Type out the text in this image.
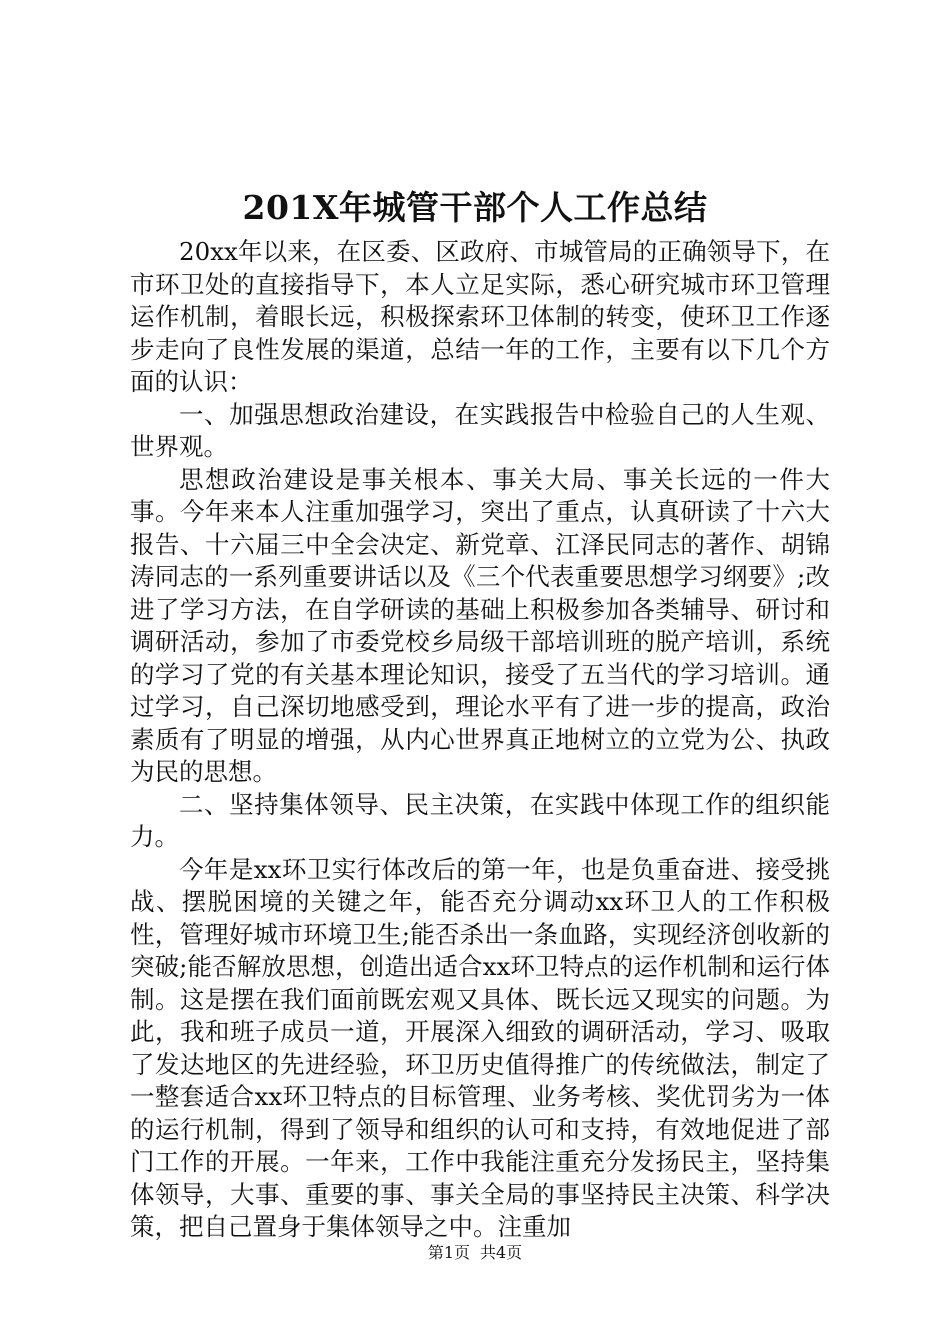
201X年城管干部个人工作总结

20xx年以来，在区委、区政府、市城管局的正确领导下，在市环卫处的直接指导下，本人立足实际，悉心研究城市环卫管理运作机制，着眼长远，积极探索环卫体制的转变，使环卫工作逐步走向了良性发展的渠道，总结一年的工作，主要有以下几个方面的认识：

一、加强思想政治建设，在实践报告中检验自己的人生观、世界观。

思想政治建设是事关根本、事关大局、事关长远的一件大事。今年来本人注重加强学习，突出了重点，认真研读了十六大报告、十六届三中全会决定、新党章、江泽民同志的著作、胡锦涛同志的一系列重要讲话以及《三个代表重要思想学习纲要》;改进了学习方法，在自学研读的基础上积极参加各类辅导、研讨和调研活动，参加了市委党校乡局级干部培训班的脱产培训，系统的学习了党的有关基本理论知识，接受了五当代的学习培训。通过学习，自己深切地感受到，理论水平有了进一步的提高，政治素质有了明显的增强，从内心世界真正地树立的立党为公、执政为民的思想。

二、坚持集体领导、民主决策，在实践中体现工作的组织能力。

今年是xx环卫实行体改后的第一年，也是负重奋进、接受挑战、摆脱困境的关键之年，能否充分调动xx环卫人的工作积极性，管理好城市环境卫生;能否杀出一条血路，实现经济创收新的突破;能否解放思想，创造出适合xx环卫特点的运作机制和运行体制。这是摆在我们面前既宏观又具体、既长远又现实的问题。为此，我和班子成员一道，开展深入细致的调研活动，学习、吸取了发达地区的先进经验，环卫历史值得推广的传统做法，制定了一整套适合xx环卫特点的目标管理、业务考核、奖优罚劣为一体的运行机制，得到了领导和组织的认可和支持，有效地促进了部门工作的开展。一年来，工作中我能注重充分发扬民主，坚持集体领导，大事、重要的事、事关全局的事坚持民主决策、科学决策，把自己置身于集体领导之中。注重加

第1页 共4页
